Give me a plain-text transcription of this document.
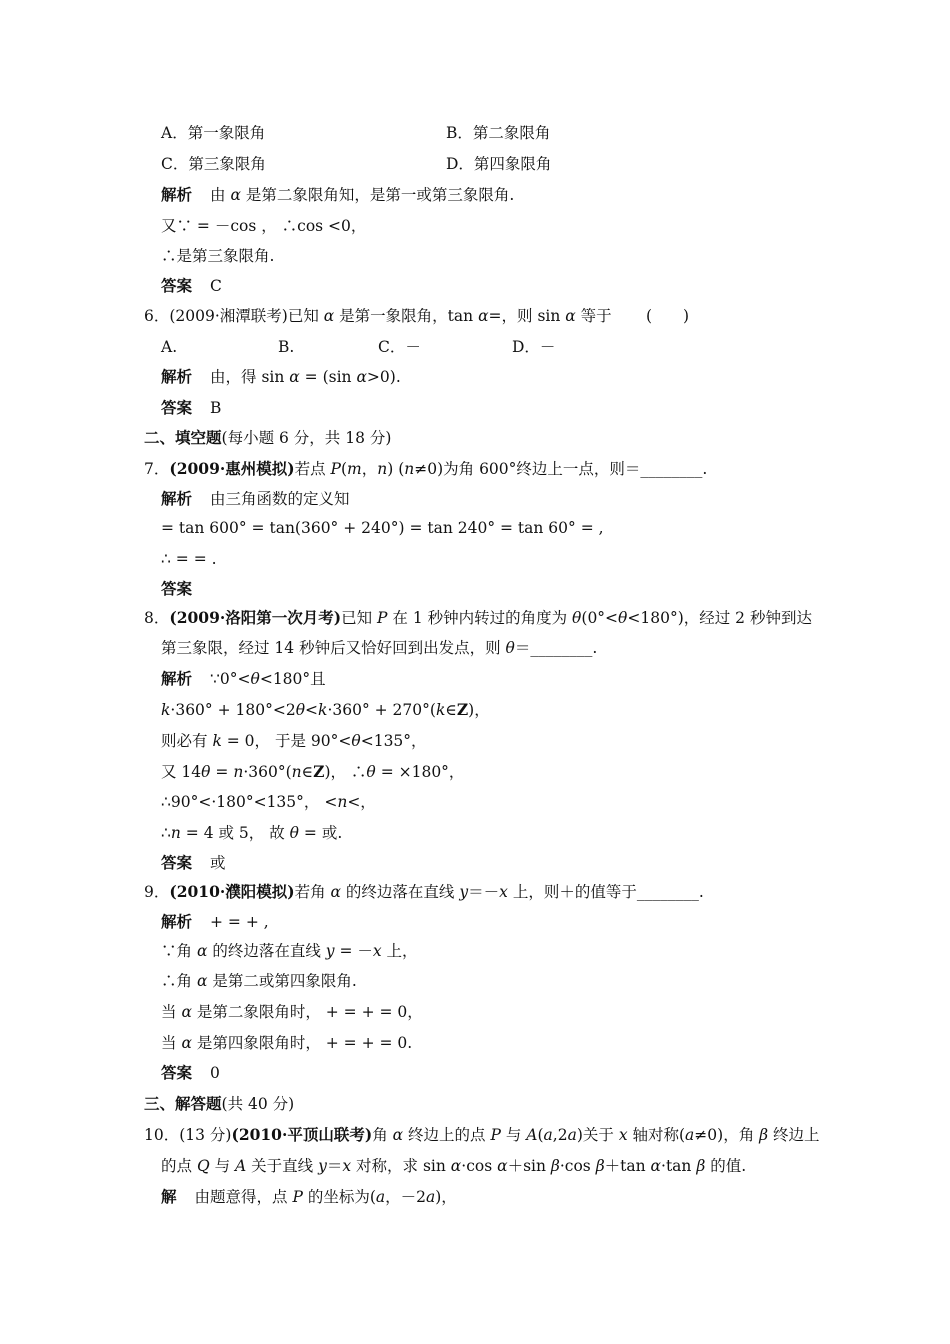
A．第一象限角	B．第二象限角
C．第三象限角	D．第四象限角
解析 由 α 是第二象限角知，是第一或第三象限角.
又∵ = －cos ， ∴cos <0，
∴是第三象限角.
答案 C
6．(2009·湘潭联考)已知 α 是第一象限角，tan α=，则 sin α 等于 (　　)
A.	B.	C．－	D．－
解析 由，得 sin α = (sin α>0).
答案 B
二、填空题(每小题 6 分，共 18 分)
7．(2009·惠州模拟)若点 P(m，n) (n≠0)为角 600°终边上一点，则＝________.
解析 由三角函数的定义知
= tan 600° = tan(360° + 240°) = tan 240° = tan 60° = ,
∴ = = .
答案
8．(2009·洛阳第一次月考)已知 P 在 1 秒钟内转过的角度为 θ(0°<θ<180°)，经过 2 秒钟到达
第三象限，经过 14 秒钟后又恰好回到出发点，则 θ＝________.
解析 ∵0°<θ<180°且
k·360° + 180°<2θ<k·360° + 270°(k∈Z)，
则必有 k = 0， 于是 90°<θ<135°，
又 14θ = n·360°(n∈Z)， ∴θ = ×180°，
∴90°<·180°<135°， <n<，
∴n = 4 或 5， 故 θ = 或.
答案 或
9．(2010·濮阳模拟)若角 α 的终边落在直线 y＝－x 上，则＋的值等于________.
解析 + = + ,
∵角 α 的终边落在直线 y = －x 上，
∴角 α 是第二或第四象限角.
当 α 是第二象限角时， + = + = 0，
当 α 是第四象限角时， + = + = 0.
答案 0
三、解答题(共 40 分)
10．(13 分)(2010·平顶山联考)角 α 终边上的点 P 与 A(a,2a)关于 x 轴对称(a≠0)，角 β 终边上
的点 Q 与 A 关于直线 y＝x 对称，求 sin α·cos α＋sin β·cos β＋tan α·tan β 的值.
解 由题意得，点 P 的坐标为(a，－2a)，
